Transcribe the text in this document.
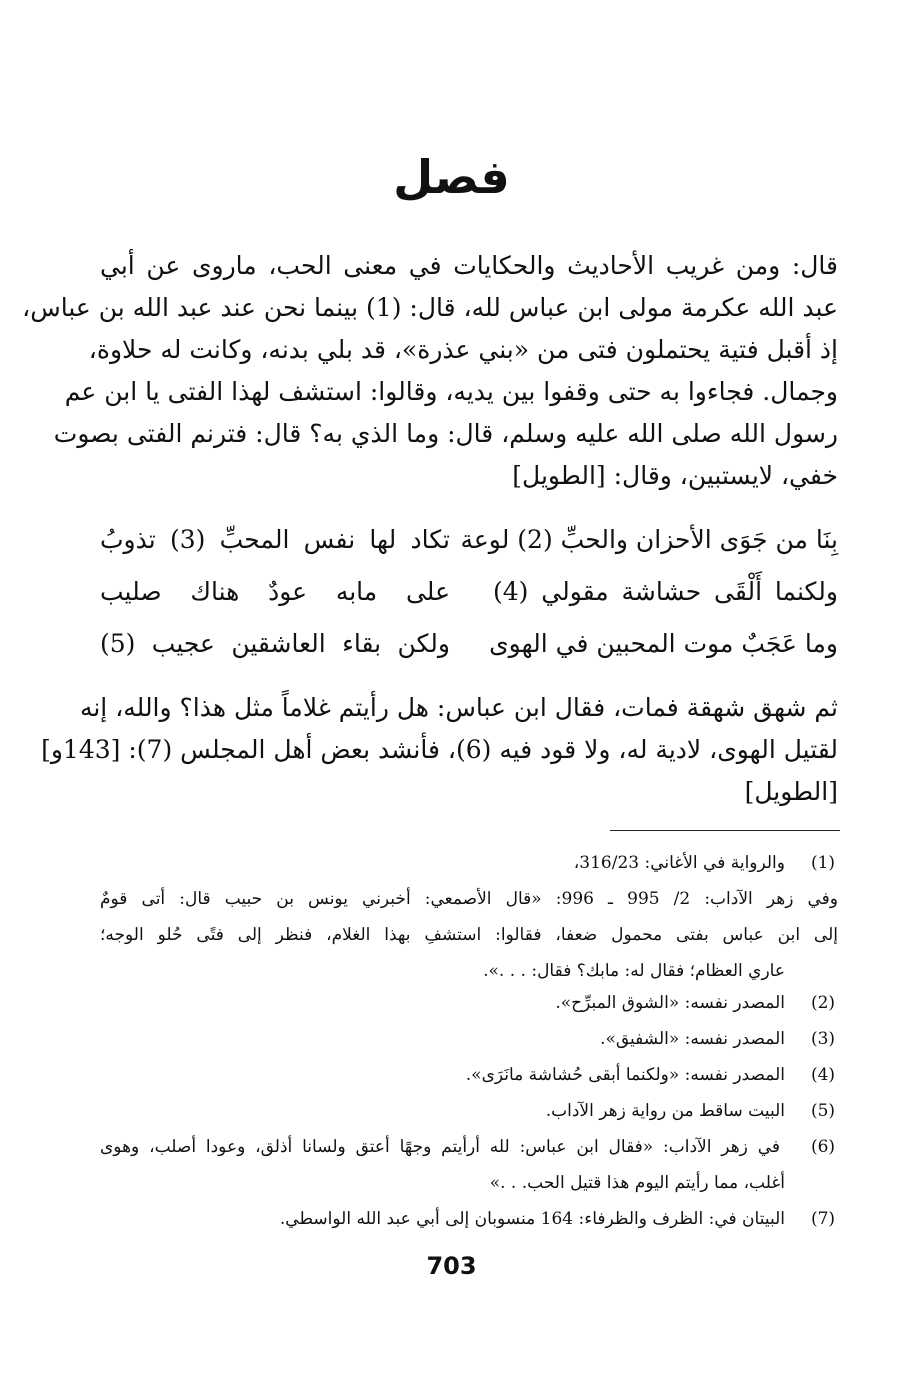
فصل
قال: ومن غريب الأحاديث والحكايات في معنى الحب، ماروى عن أبي
عبد الله عكرمة مولى ابن عباس لله، قال: (1) بينما نحن عند عبد الله بن عباس،
إذ أقبل فتية يحتملون فتى من «بني عذرة»، قد بلي بدنه، وكانت له حلاوة،
وجمال. فجاءوا به حتى وقفوا بين يديه، وقالوا: استشف لهذا الفتى يا ابن عم
رسول الله صلى الله عليه وسلم، قال: وما الذي به؟ قال: فترنم الفتى بصوت
خفي، لايستبين، وقال: [الطويل]
بِنَا من جَوَى الأحزان والحبِّ (2) لوعة
تكاد لها نفس المحبِّ (3) تذوبُ
ولكنما أَلْقَى حشاشة مقولي (4)
على مابه عودٌ هناك صليب
وما عَجَبٌ موت المحبين في الهوى
ولكن بقاء العاشقين عجيب (5)
ثم شهق شهقة فمات، فقال ابن عباس: هل رأيتم غلاماً مثل هذا؟ والله، إنه
لقتيل الهوى، لادية له، ولا قود فيه (6)، فأنشد بعض أهل المجلس (7): [143و]
[الطويل]
(1)
والرواية في الأغاني: 316/23،
وفي زهر الآداب: 2/ 995 ـ 996: «قال الأصمعي: أخبرني يونس بن حبيب قال: أتى قومٌ
إلى ابن عباس بفتى محمول ضعفا، فقالوا: استشفِ بهذا الغلام، فنظر إلى فتًى حُلو الوجه؛
عاري العظام؛ فقال له: مابك؟ فقال: . . .».
(2)
المصدر نفسه: «الشوق المبرِّح».
(3)
المصدر نفسه: «الشفيق».
(4)
المصدر نفسه: «ولكنما أبقى حُشاشة مانَرَى».
(5)
البيت ساقط من رواية زهر الآداب.
(6)
في زهر الآداب: «فقال ابن عباس: لله أرأيتم وجهًا أعتق ولسانا أذلق، وعودا أصلب، وهوى
أغلب، مما رأيتم اليوم هذا قتيل الحب. . .»
(7)
البيتان في: الظرف والظرفاء: 164 منسوبان إلى أبي عبد الله الواسطي.
703
